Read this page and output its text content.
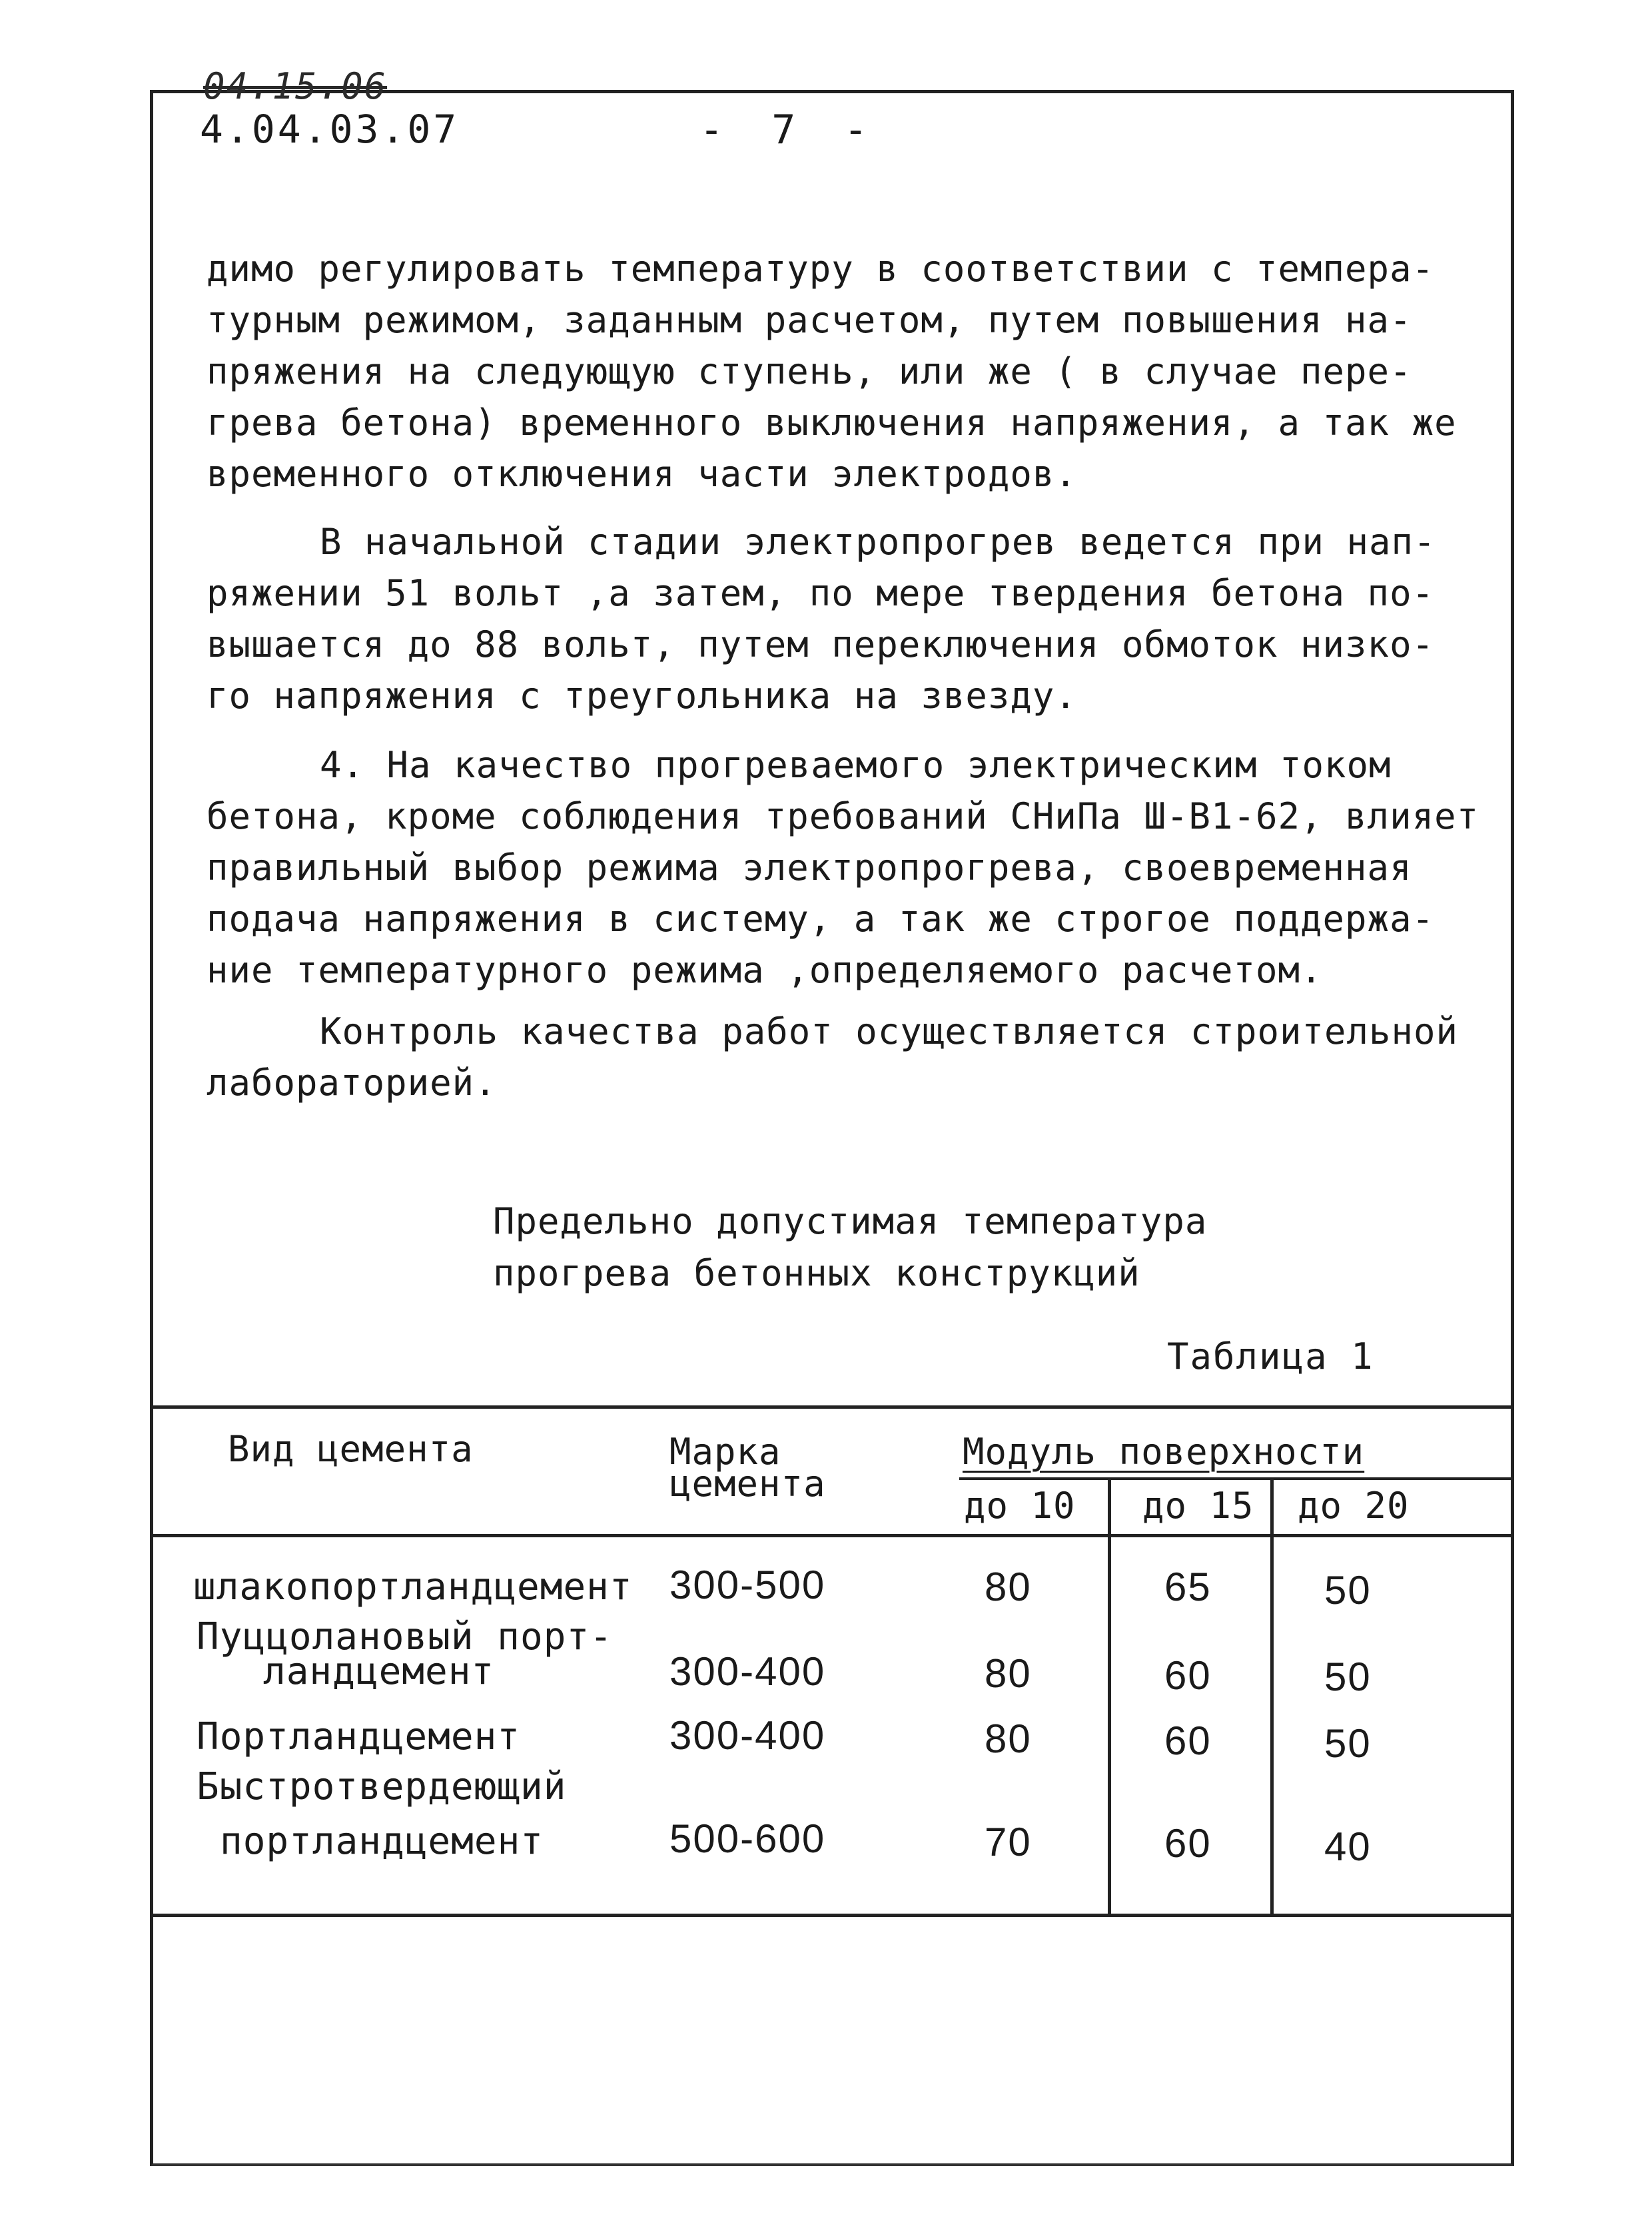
04.15.06
4.04.03.07	- 7 -
димо регулировать температуру в соответствии с темпера-
турным режимом, заданным расчетом, путем повышения на-
пряжения на следующую ступень, или же ( в случае пере-
грева бетона) временного выключения напряжения, а так же
временного отключения части электродов.
В начальной стадии электропрогрев ведется при нап-
ряжении 51 вольт ,а затем, по мере твердения бетона по-
вышается до 88 вольт, путем переключения обмоток низко-
го напряжения с треугольника на звезду.
4. На качество прогреваемого электрическим током
бетона, кроме соблюдения требований СНиПа Ш-В1-62, влияет
правильный выбор режима электропрогрева, своевременная
подача напряжения в систему, а так же строгое поддержа-
ние температурного режима ,определяемого расчетом.
Контроль качества работ осуществляется строительной
лабораторией.
Предельно допустимая температура
прогрева бетонных конструкций
Таблица 1
Вид цемента	Марка
цемента
Модуль поверхности
до 10 до 15 до 20
шлакопортландцемент 300-500	80	65	50
Пуццолановый порт-
ландцемент	300-400	80	60	50
Портландцемент	300-400	80	60	50
Быстротвердеющий
портландцемент	500-600	70	60	40
